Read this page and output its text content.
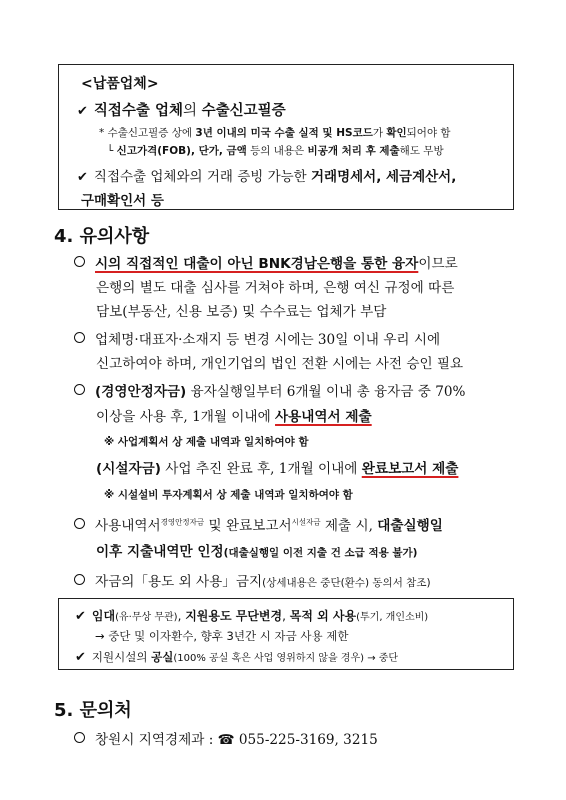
<납품업체>
✔ 직접수출 업체의 수출신고필증
* 수출신고필증 상에 3년 이내의 미국 수출 실적 및 HS코드가 확인되어야 함
└ 신고가격(FOB), 단가, 금액 등의 내용은 비공개 처리 후 제출해도 무방
✔ 직접수출 업체와의 거래 증빙 가능한 거래명세서, 세금계산서,
구매확인서 등
4. 유의사항
시의 직접적인 대출이 아닌 BNK경남은행을 통한 융자이므로
은행의 별도 대출 심사를 거쳐야 하며, 은행 여신 규정에 따른
담보(부동산, 신용 보증) 및 수수료는 업체가 부담
업체명·대표자·소재지 등 변경 시에는 30일 이내 우리 시에
신고하여야 하며, 개인기업의 법인 전환 시에는 사전 승인 필요
(경영안정자금) 융자실행일부터 6개월 이내 총 융자금 중 70%
이상을 사용 후, 1개월 이내에 사용내역서 제출
※ 사업계획서 상 제출 내역과 일치하여야 함
(시설자금) 사업 추진 완료 후, 1개월 이내에 완료보고서 제출
※ 시설설비 투자계획서 상 제출 내역과 일치하여야 함
사용내역서$^{경영안정자금}$ 및 완료보고서$^{시설자금}$ 제출 시, 대출실행일
이후 지출내역만 인정(대출실행일 이전 지출 건 소급 적용 불가)
자금의「용도 외 사용」금지(상세내용은 중단(환수) 동의서 참조)
✔ 임대(유·무상 무관), 지원용도 무단변경, 목적 외 사용(투기, 개인소비)
→ 중단 및 이자환수, 향후 3년간 시 자금 사용 제한
✔ 지원시설의 공실(100% 공실 혹은 사업 영위하지 않을 경우) → 중단
5. 문의처
창원시 지역경제과 : ☎ 055-225-3169, 3215
